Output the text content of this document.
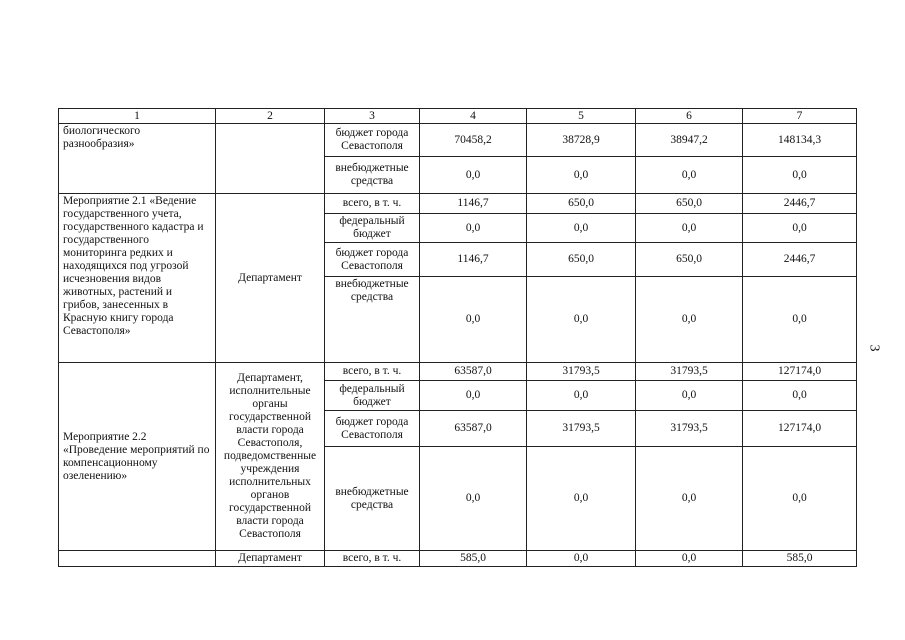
1	2	3	4	5	6	7
биологического разнообразия»		бюджет города Севастополя	70458,2	38728,9	38947,2	148134,3
		внебюджетные средства	0,0	0,0	0,0	0,0
Мероприятие 2.1 «Ведение государственного учета, государственного кадастра и государственного мониторинга редких и находящихся под угрозой исчезновения видов животных, растений и грибов, занесенных в Красную книгу города Севастополя»	Департамент	всего, в т. ч.	1146,7	650,0	650,0	2446,7
		федеральный бюджет	0,0	0,0	0,0	0,0
		бюджет города Севастополя	1146,7	650,0	650,0	2446,7
		внебюджетные средства	0,0	0,0	0,0	0,0
Мероприятие 2.2 «Проведение мероприятий по компенсационному озеленению»	Департамент, исполнительные органы государственной власти города Севастополя, подведомственные учреждения исполнительных органов государственной власти города Севастополя	всего, в т. ч.	63587,0	31793,5	31793,5	127174,0
		федеральный бюджет	0,0	0,0	0,0	0,0
		бюджет города Севастополя	63587,0	31793,5	31793,5	127174,0
		внебюджетные средства	0,0	0,0	0,0	0,0
	Департамент	всего, в т. ч.	585,0	0,0	0,0	585,0
3
